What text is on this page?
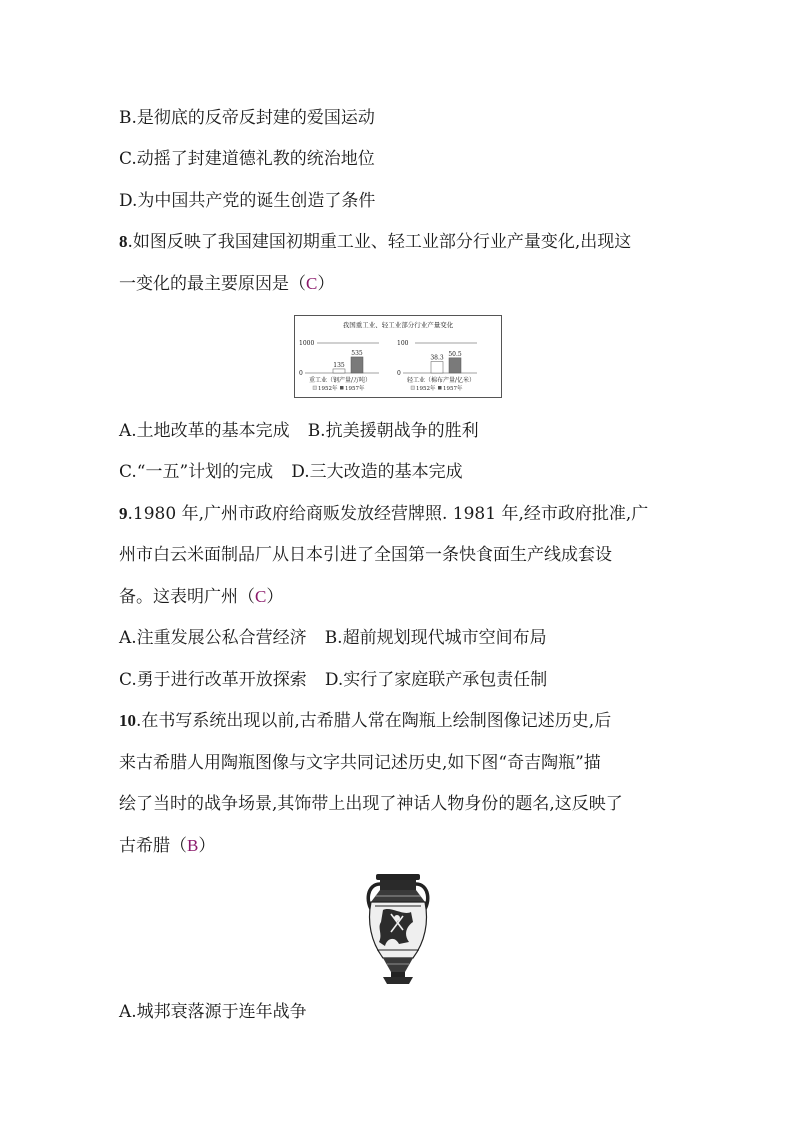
B.是彻底的反帝反封建的爱国运动
C.动摇了封建道德礼教的统治地位
D.为中国共产党的诞生创造了条件
8.如图反映了我国建国初期重工业、轻工业部分行业产量变化,出现这
一变化的最主要原因是（C）
我国重工业、轻工业部分行业产量变化
1000
0
135
535
重工业（钢产量/万吨）
1952年 1957年
100
0
38.3
50.5
轻工业（棉布产量/亿米）
1952年 1957年
A.土地改革的基本完成 B.抗美援朝战争的胜利
C.“一五”计划的完成 D.三大改造的基本完成
9.1980 年,广州市政府给商贩发放经营牌照. 1981 年,经市政府批准,广
州市白云米面制品厂从日本引进了全国第一条快食面生产线成套设
备。这表明广州（C）
A.注重发展公私合营经济 B.超前规划现代城市空间布局
C.勇于进行改革开放探索 D.实行了家庭联产承包责任制
10.在书写系统出现以前,古希腊人常在陶瓶上绘制图像记述历史,后
来古希腊人用陶瓶图像与文字共同记述历史,如下图“奇吉陶瓶”描
绘了当时的战争场景,其饰带上出现了神话人物身份的题名,这反映了
古希腊（B）
A.城邦衰落源于连年战争
